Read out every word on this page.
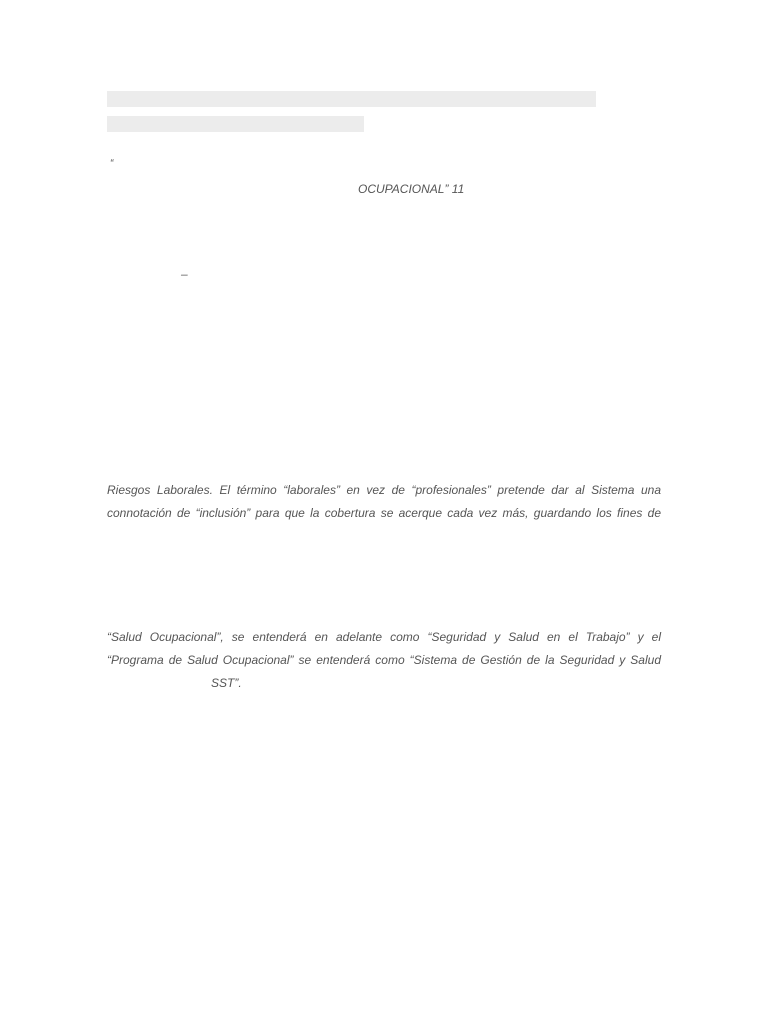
“
OCUPACIONAL” 11
–
Riesgos Laborales. El término “laborales” en vez de “profesionales” pretende dar al Sistema una
connotación de “inclusión” para que la cobertura se acerque cada vez más, guardando los fines de
“Salud Ocupacional”, se entenderá en adelante como “Seguridad y Salud en el Trabajo” y el
“Programa de Salud Ocupacional” se entenderá como “Sistema de Gestión de la Seguridad y Salud
SST”.
